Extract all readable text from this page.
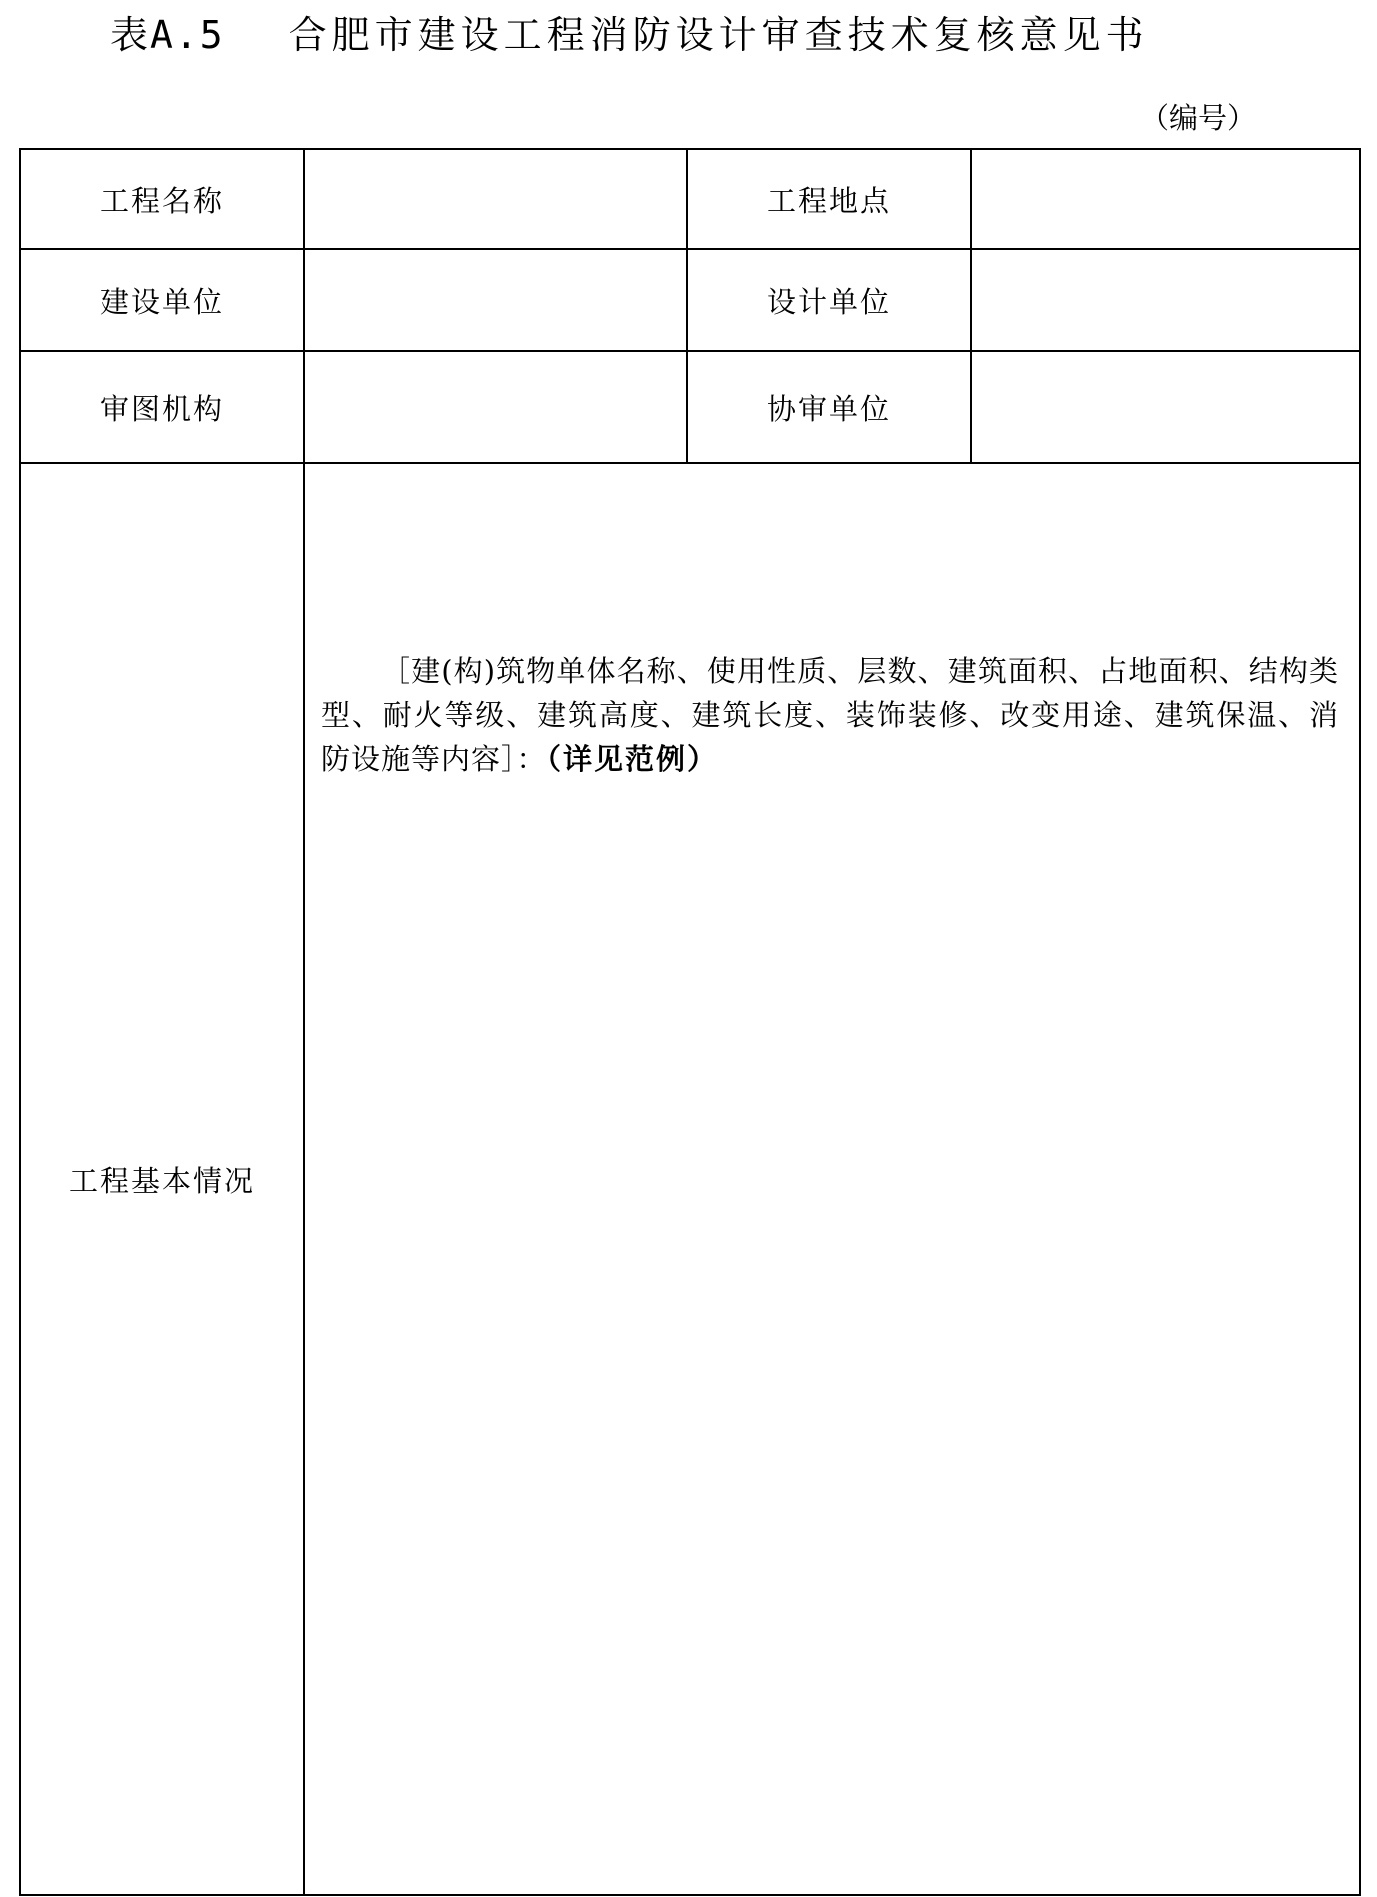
表A.5 合肥市建设工程消防设计审查技术复核意见书
（编号）
工程名称		工程地点	
建设单位		设计单位	
审图机构		协审单位	
工程基本情况	［建(构)筑物单体名称、使用性质、层数、建筑面积、占地面积、结构类型、耐火等级、建筑高度、建筑长度、装饰装修、改变用途、建筑保温、消防设施等内容］：（详见范例）		
